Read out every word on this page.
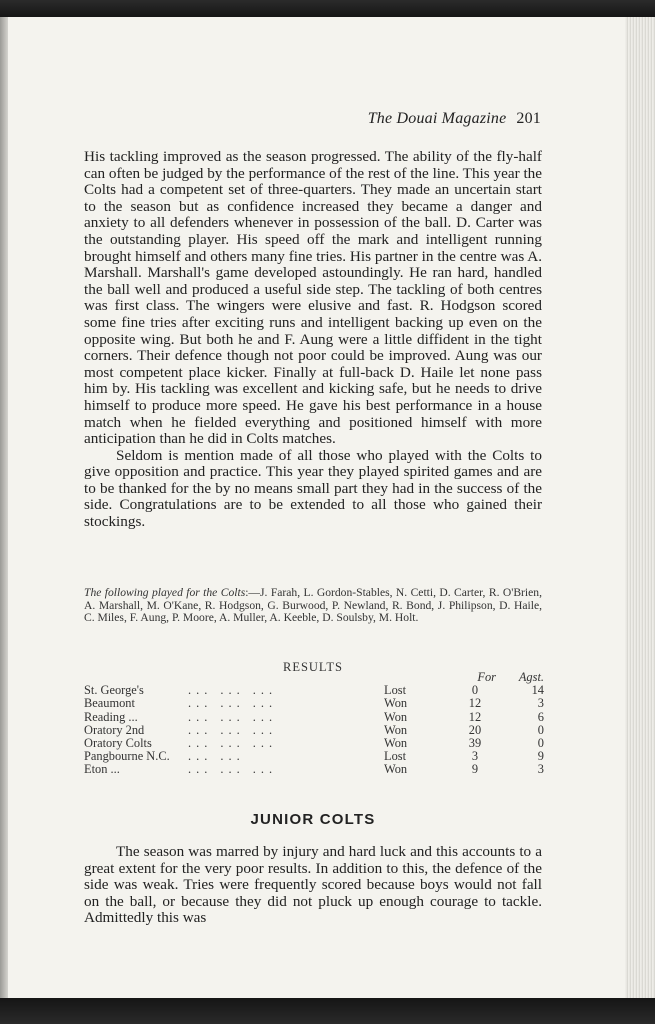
The Douai Magazine 201

His tackling improved as the season progressed. The ability of the fly-half can often be judged by the performance of the rest of the line. This year the Colts had a competent set of three-quarters. They made an uncertain start to the season but as confidence increased they became a danger and anxiety to all defenders whenever in possession of the ball. D. Carter was the outstanding player. His speed off the mark and intelligent running brought himself and others many fine tries. His partner in the centre was A. Marshall. Marshall's game developed astoundingly. He ran hard, handled the ball well and produced a useful side step. The tackling of both centres was first class. The wingers were elusive and fast. R. Hodgson scored some fine tries after exciting runs and intelligent backing up even on the opposite wing. But both he and F. Aung were a little diffident in the tight corners. Their defence though not poor could be improved. Aung was our most competent place kicker. Finally at full-back D. Haile let none pass him by. His tackling was excellent and kicking safe, but he needs to drive himself to produce more speed. He gave his best performance in a house match when he fielded everything and positioned himself with more anticipation than he did in Colts matches.

Seldom is mention made of all those who played with the Colts to give opposition and practice. This year they played spirited games and are to be thanked for the by no means small part they had in the success of the side. Congratulations are to be extended to all those who gained their stockings.

The following played for the Colts:—J. Farah, L. Gordon-Stables, N. Cetti, D. Carter, R. O'Brien, A. Marshall, M. O'Kane, R. Hodgson, G. Burwood, P. Newland, R. Bond, J. Philipson, D. Haile, C. Miles, F. Aung, P. Moore, A. Muller, A. Keeble, D. Soulsby, M. Holt.
RESULTS
			For	Agst.
St. George's	... ... ...	Lost	0	14
Beaumont	... ... ...	Won	12	3
Reading ...	... ... ...	Won	12	6
Oratory 2nd	... ... ...	Won	20	0
Oratory Colts	... ... ...	Won	39	0
Pangbourne N.C.	... ...	Lost	3	9
Eton ...	... ... ...	Won	9	3
JUNIOR COLTS

The season was marred by injury and hard luck and this accounts to a great extent for the very poor results. In addition to this, the defence of the side was weak. Tries were frequently scored because boys would not fall on the ball, or because they did not pluck up enough courage to tackle. Admittedly this was
